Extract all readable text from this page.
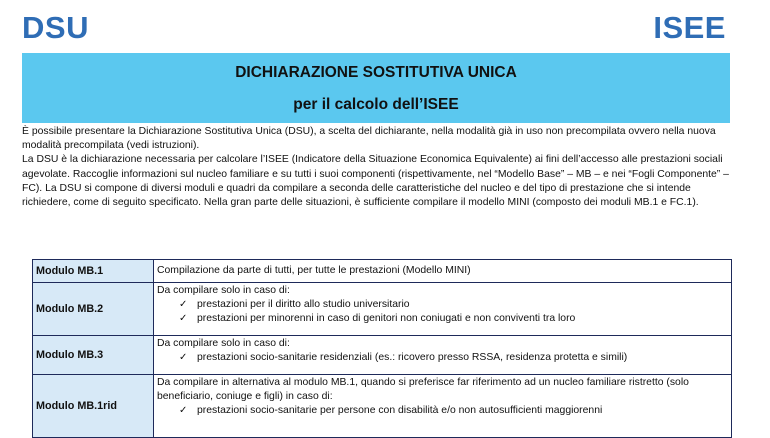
DSU	ISEE
DICHIARAZIONE SOSTITUTIVA UNICA
per il calcolo dell’ISEE

È possibile presentare la Dichiarazione Sostitutiva Unica (DSU), a scelta del dichiarante, nella modalità già in uso non precompilata ovvero nella nuova modalità precompilata (vedi istruzioni).

La DSU è la dichiarazione necessaria per calcolare l’ISEE (Indicatore della Situazione Economica Equivalente) ai fini dell’accesso alle prestazioni sociali agevolate. Raccoglie informazioni sul nucleo familiare e su tutti i suoi componenti (rispettivamente, nel “Modello Base” – MB – e nei “Fogli Componente” – FC). La DSU si compone di diversi moduli e quadri da compilare a seconda delle caratteristiche del nucleo e del tipo di prestazione che si intende richiedere, come di seguito specificato. Nella gran parte delle situazioni, è sufficiente compilare il modello MINI (composto dei moduli MB.1 e FC.1).

Modulo MB.1	Compilazione da parte di tutti, per tutte le prestazioni (Modello MINI)
Modulo MB.2	Da compilare solo in caso di:
✓ prestazioni per il diritto allo studio universitario
✓ prestazioni per minorenni in caso di genitori non coniugati e non conviventi tra loro

Modulo MB.3	Da compilare solo in caso di:
✓ prestazioni socio-sanitarie residenziali (es.: ricovero presso RSSA, residenza protetta e simili)

Modulo MB.1rid	Da compilare in alternativa al modulo MB.1, quando si preferisce far riferimento ad un nucleo familiare ristretto (solo beneficiario, coniuge e figli) in caso di:
✓ prestazioni socio-sanitarie per persone con disabilità e/o non autosufficienti maggiorenni
